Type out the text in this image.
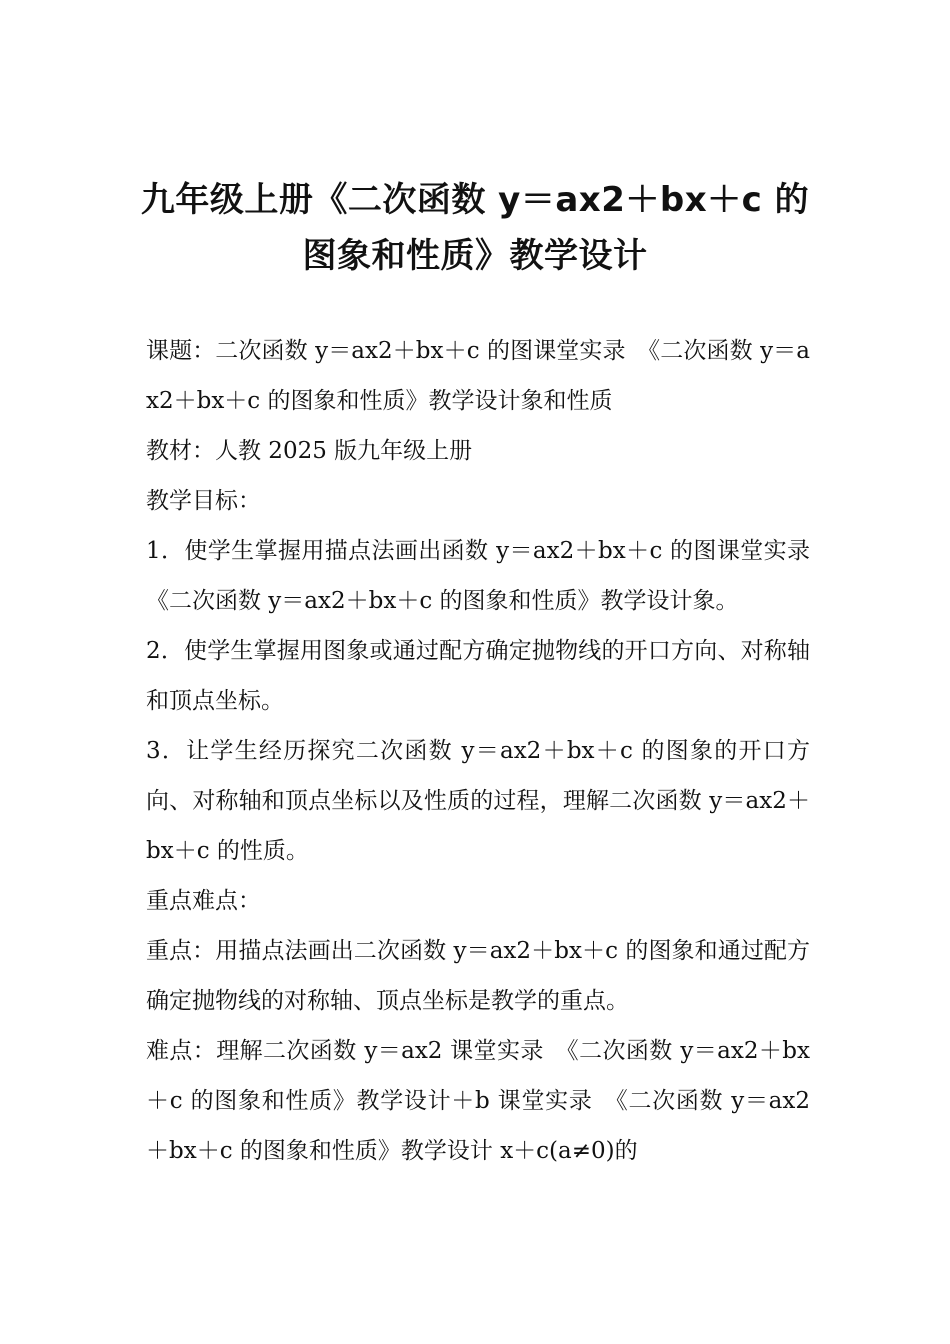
九年级上册《二次函数 y＝ax2＋bx＋c 的
图象和性质》教学设计

课题：二次函数 y＝ax2＋bx＋c 的图课堂实录　《二次函数 y＝ax2＋bx＋c 的图象和性质》教学设计象和性质

教材：人教 2025 版九年级上册

教学目标：

1．使学生掌握用描点法画出函数 y＝ax2＋bx＋c 的图课堂实录　《二次函数 y＝ax2＋bx＋c 的图象和性质》教学设计象。

2．使学生掌握用图象或通过配方确定抛物线的开口方向、对称轴和顶点坐标。

3．让学生经历探究二次函数 y＝ax2＋bx＋c 的图象的开口方向、对称轴和顶点坐标以及性质的过程，理解二次函数 y＝ax2＋bx＋c 的性质。

重点难点：

重点：用描点法画出二次函数 y＝ax2＋bx＋c 的图象和通过配方确定抛物线的对称轴、顶点坐标是教学的重点。

难点：理解二次函数 y＝ax2 课堂实录　《二次函数 y＝ax2＋bx＋c 的图象和性质》教学设计＋b 课堂实录　《二次函数 y＝ax2＋bx＋c 的图象和性质》教学设计 x＋c(a≠0)的
